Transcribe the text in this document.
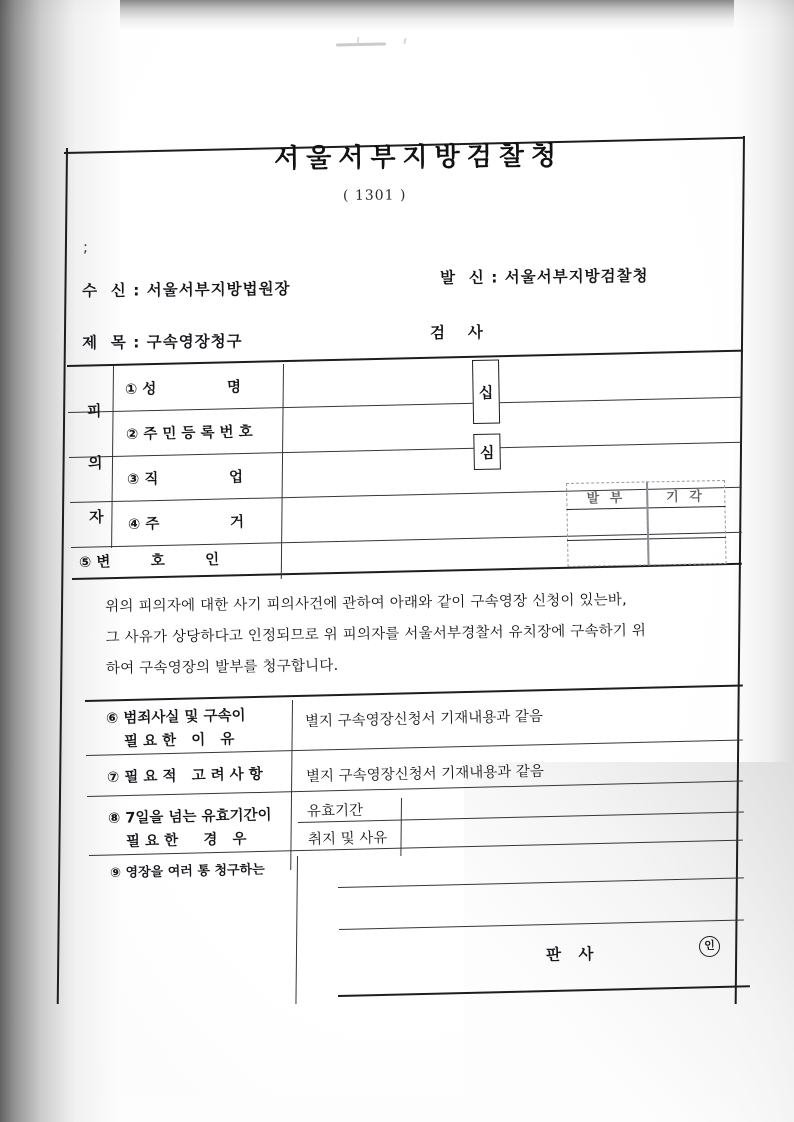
서울서부지방검찰청
( 1301 )
;
수  신 : 서울서부지방법원장
발  신 : 서울서부지방검찰청
검  사
제  목 : 구속영장청구
피
의
자
① 성              명
② 주 민 등 록 번 호
③ 직              업
④ 주              거
⑤ 변        호        인
십
심
발 부	기 각
위의 피의자에 대한 사기 피의사건에 관하여 아래와 같이 구속영장 신청이 있는바,
그 사유가 상당하다고 인정되므로 위 피의자를 서울서부경찰서 유치장에 구속하기 위
하여 구속영장의 발부를 청구합니다.
⑥ 범죄사실 및 구속이
필 요 한   이   유
별지 구속영장신청서 기재내용과 같음
⑦ 필 요 적   고 려 사 항	별지 구속영장신청서 기재내용과 같음
⑧ 7일을 넘는 유효기간이
필 요 한     경   우
유효기간
취지 및 사유
⑨ 영장을 여러 통 청구하는
판 사	인
